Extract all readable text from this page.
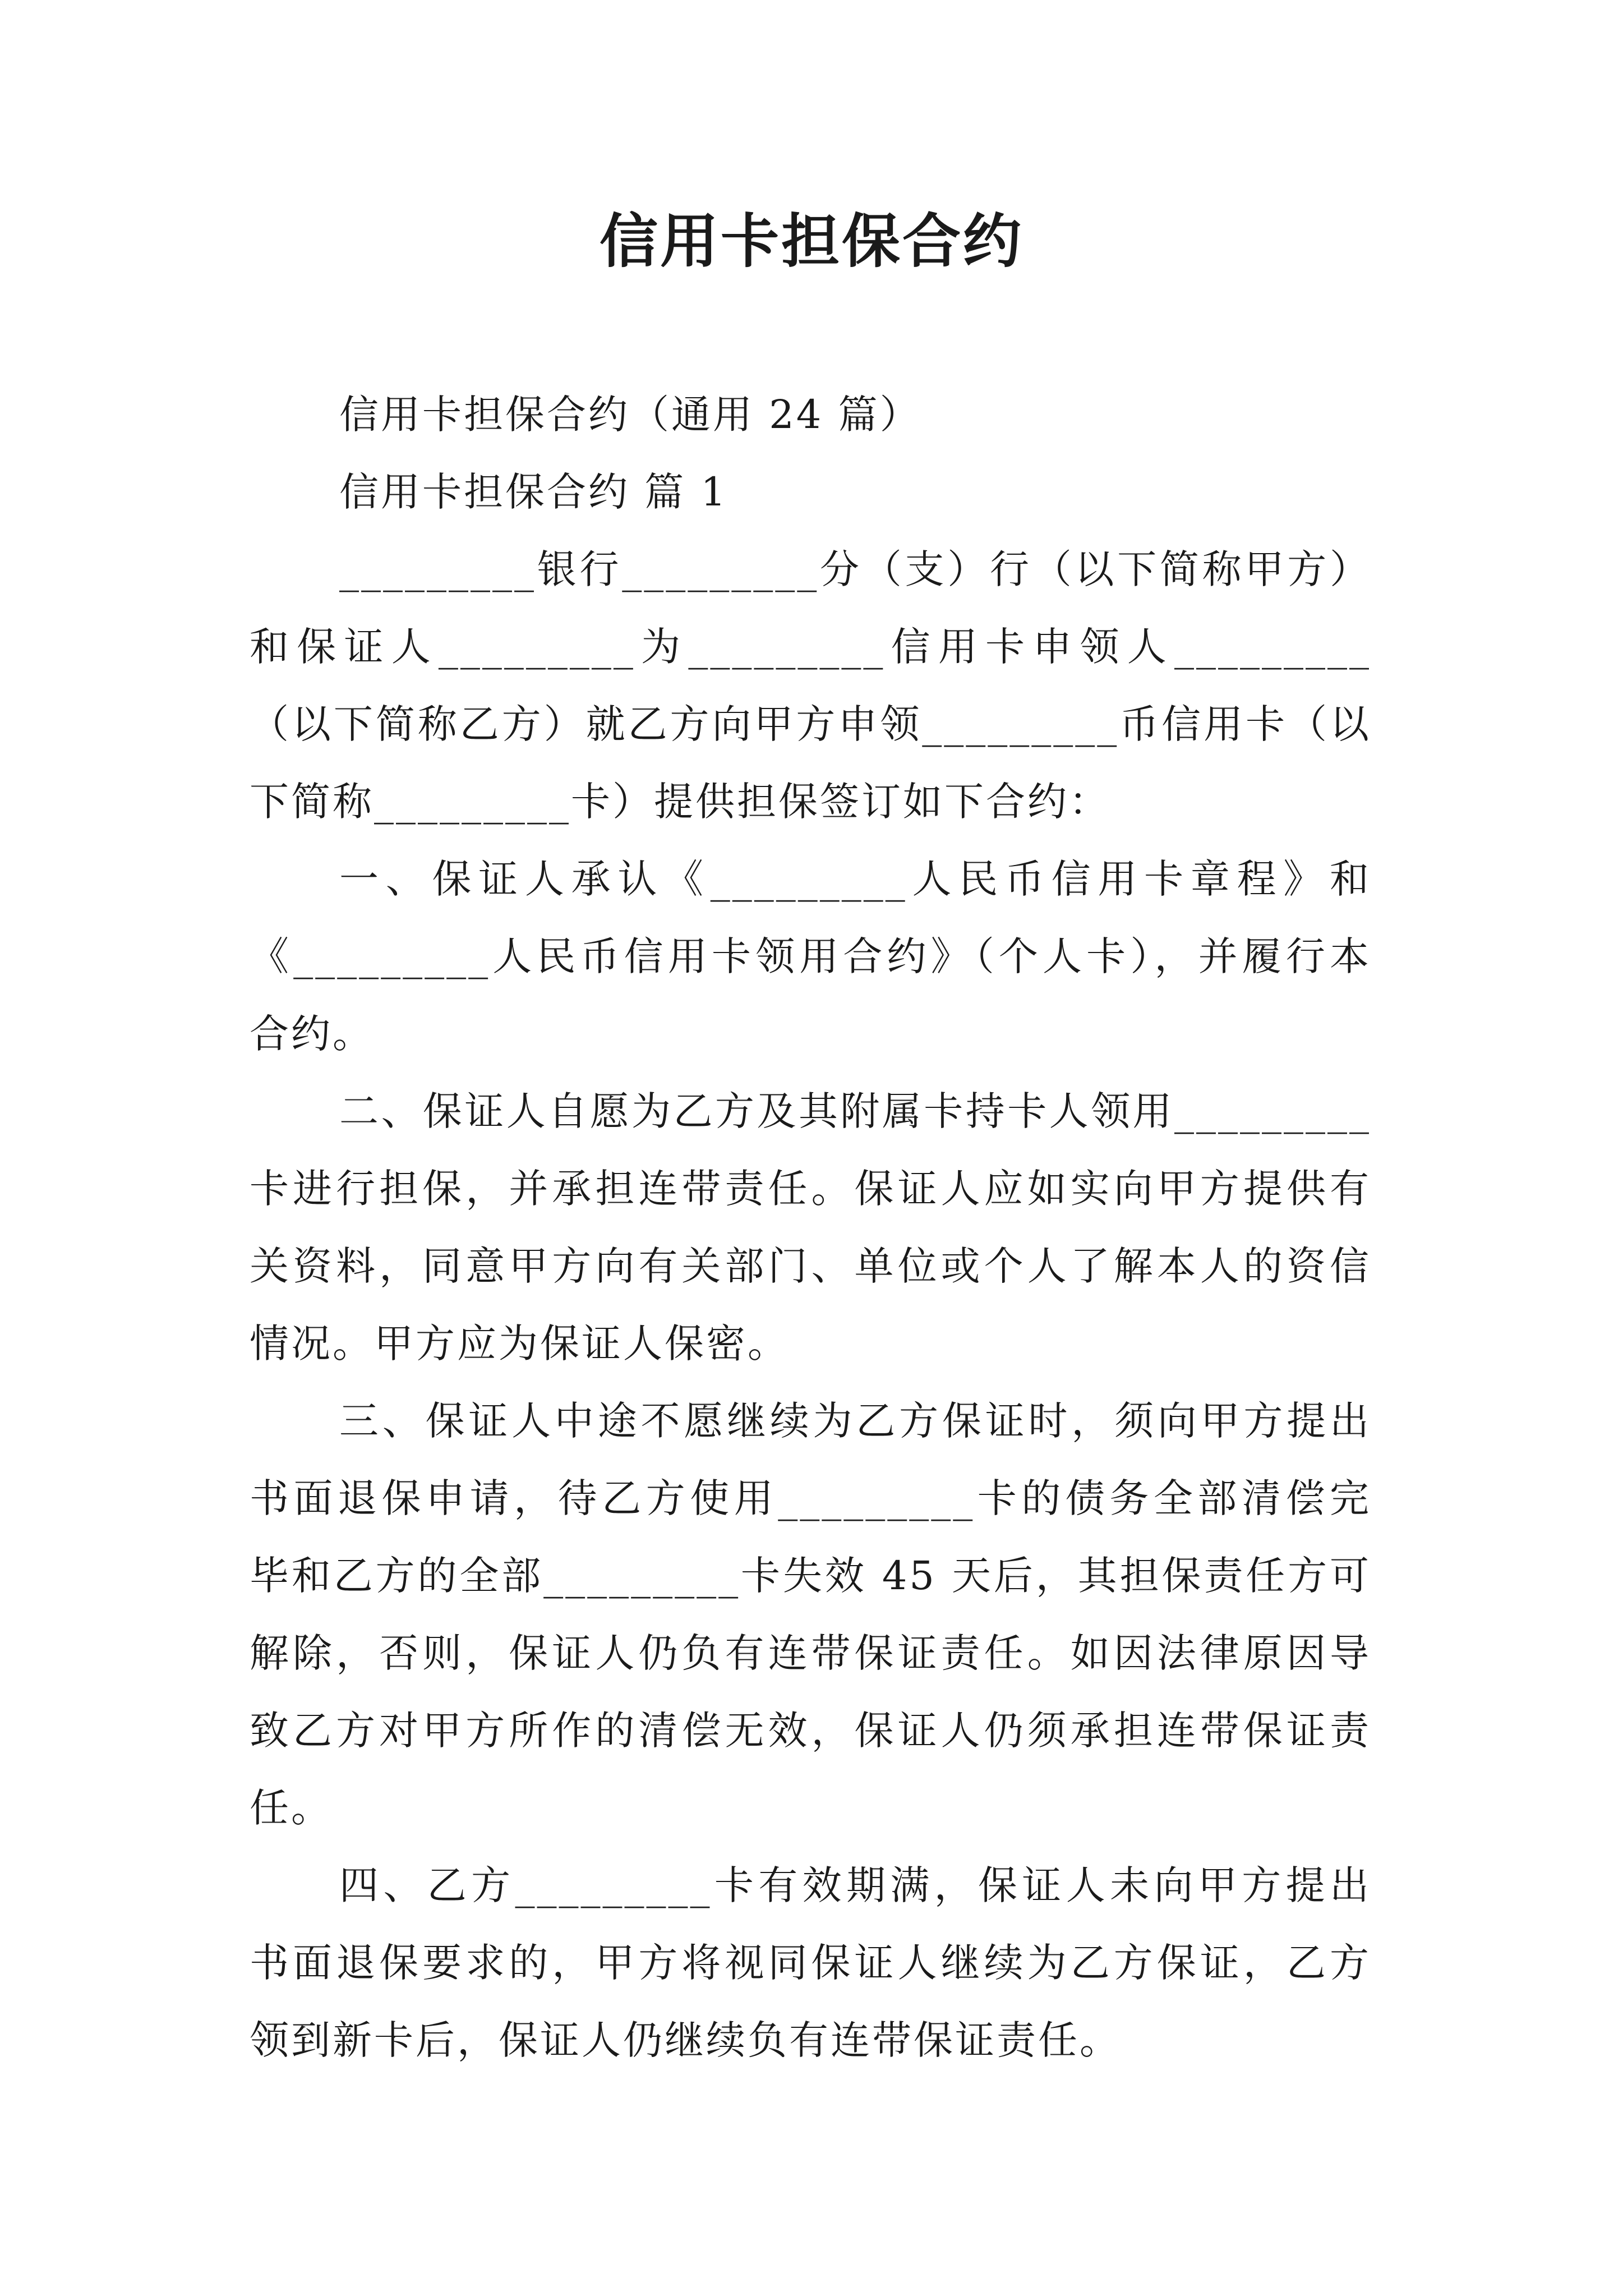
信用卡担保合约
信用卡担保合约（通用 24 篇）
信用卡担保合约 篇 1
_________银行_________分（支）行（以下简称甲方）
和保证人_________为_________信用卡申领人_________
（以下简称乙方）就乙方向甲方申领_________币信用卡（以
下简称_________卡）提供担保签订如下合约：
一、保证人承认《_________人民币信用卡章程》和
《_________人民币信用卡领用合约》（个人卡），并履行本
合约。
二、保证人自愿为乙方及其附属卡持卡人领用_________
卡进行担保，并承担连带责任。保证人应如实向甲方提供有
关资料，同意甲方向有关部门、单位或个人了解本人的资信
情况。甲方应为保证人保密。
三、保证人中途不愿继续为乙方保证时，须向甲方提出
书面退保申请，待乙方使用_________卡的债务全部清偿完
毕和乙方的全部_________卡失效 45 天后，其担保责任方可
解除，否则，保证人仍负有连带保证责任。如因法律原因导
致乙方对甲方所作的清偿无效，保证人仍须承担连带保证责
任。
四、乙方_________卡有效期满，保证人未向甲方提出
书面退保要求的，甲方将视同保证人继续为乙方保证，乙方
领到新卡后，保证人仍继续负有连带保证责任。
